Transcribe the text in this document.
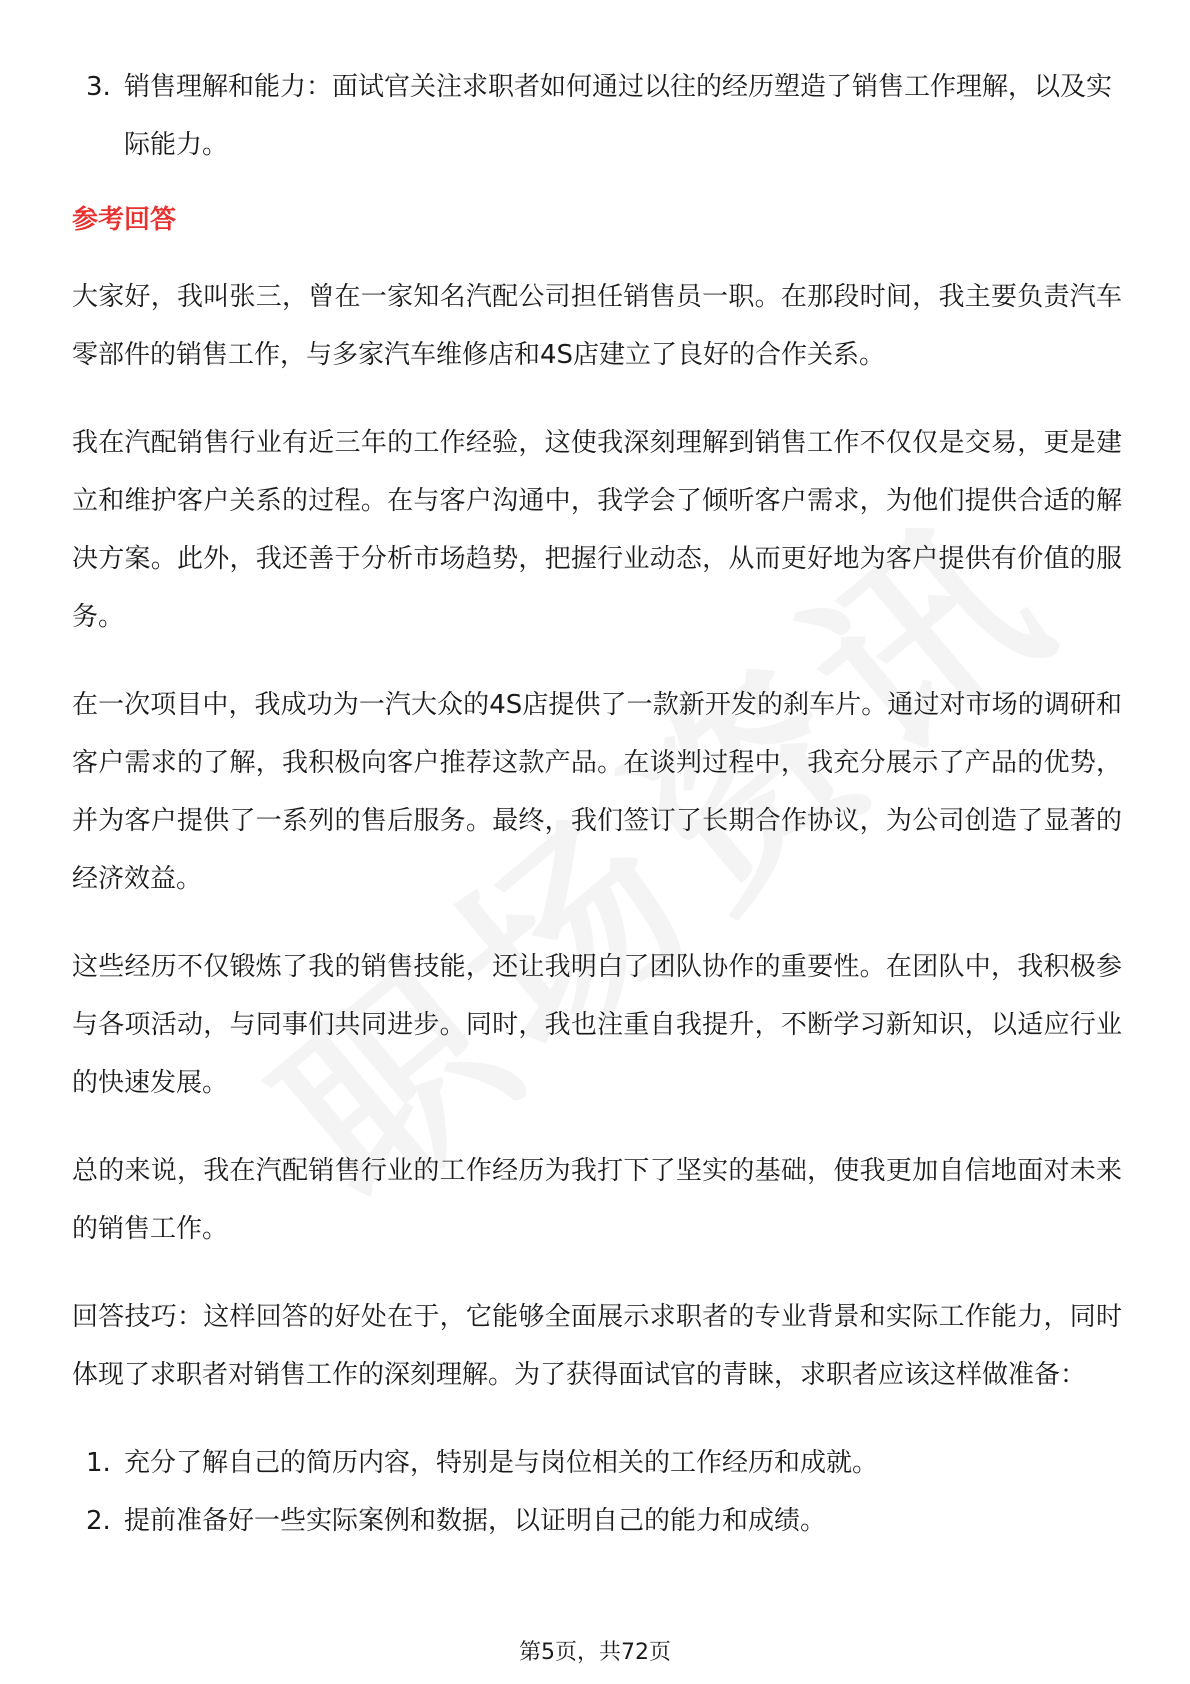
3. 销售理解和能力：面试官关注求职者如何通过以往的经历塑造了销售工作理解，以及实际能力。
参考回答

大家好，我叫张三，曾在一家知名汽配公司担任销售员一职。在那段时间，我主要负责汽车零部件的销售工作，与多家汽车维修店和4S店建立了良好的合作关系。

我在汽配销售行业有近三年的工作经验，这使我深刻理解到销售工作不仅仅是交易，更是建立和维护客户关系的过程。在与客户沟通中，我学会了倾听客户需求，为他们提供合适的解决方案。此外，我还善于分析市场趋势，把握行业动态，从而更好地为客户提供有价值的服务。

在一次项目中，我成功为一汽大众的4S店提供了一款新开发的刹车片。通过对市场的调研和客户需求的了解，我积极向客户推荐这款产品。在谈判过程中，我充分展示了产品的优势，并为客户提供了一系列的售后服务。最终，我们签订了长期合作协议，为公司创造了显著的经济效益。

这些经历不仅锻炼了我的销售技能，还让我明白了团队协作的重要性。在团队中，我积极参与各项活动，与同事们共同进步。同时，我也注重自我提升，不断学习新知识，以适应行业的快速发展。

总的来说，我在汽配销售行业的工作经历为我打下了坚实的基础，使我更加自信地面对未来的销售工作。

回答技巧：这样回答的好处在于，它能够全面展示求职者的专业背景和实际工作能力，同时体现了求职者对销售工作的深刻理解。为了获得面试官的青睐，求职者应该这样做准备：

1. 充分了解自己的简历内容，特别是与岗位相关的工作经历和成就。
2. 提前准备好一些实际案例和数据，以证明自己的能力和成绩。
第5页，共72页
